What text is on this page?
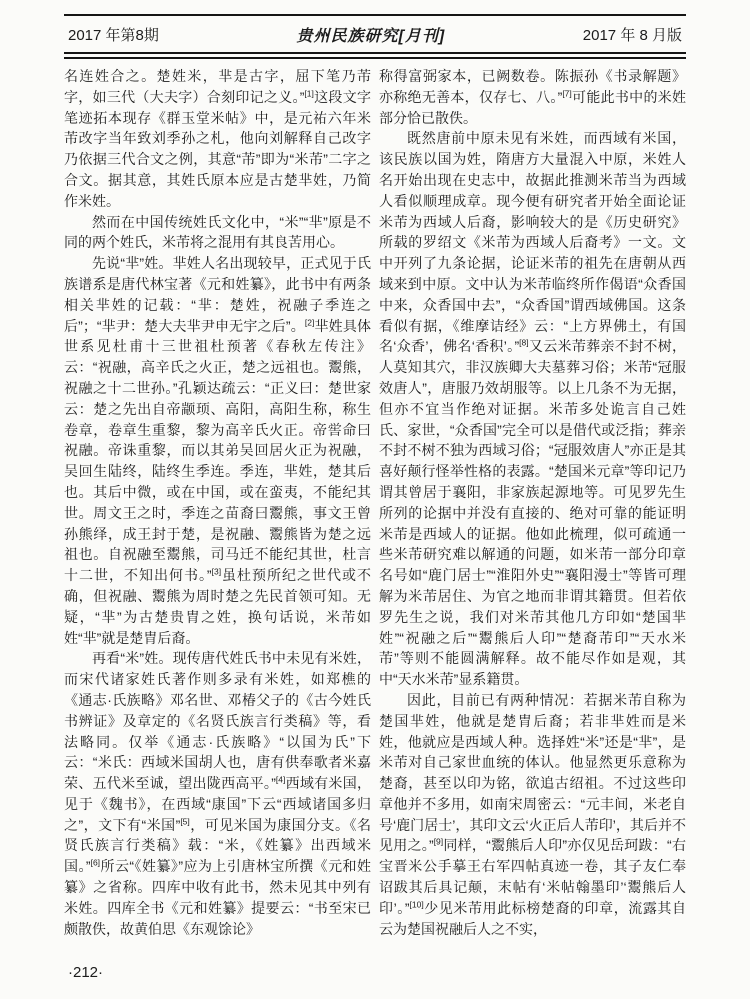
2017 年第8期	贵州民族研究[月刊]	2017 年 8 月版

名连姓合之。楚姓米，芈是古字，屈下笔乃芾字，如三代（大夫字）合刻印记之义。”[1]这段文字笔迹拓本现存《群玉堂米帖》中，是元祐六年米芾改字当年致刘季孙之札，他向刘解释自己改字乃依据三代合文之例，其意“芾”即为“米芾”二字之合文。据其意，其姓氏原本应是古楚芈姓，乃简作米姓。

然而在中国传统姓氏文化中，“米”“芈”原是不同的两个姓氏，米芾将之混用有其良苦用心。

先说“芈”姓。芈姓人名出现较早，正式见于氏族谱系是唐代林宝著《元和姓纂》，此书中有两条相关芈姓的记载：“芈：楚姓，祝融子季连之后”；“芈尹：楚大夫芈尹申无宇之后”。[2]芈姓具体世系见杜甫十三世祖杜预著《春秋左传注》云：“祝融，高辛氏之火正，楚之远祖也。鬻熊，祝融之十二世孙。”孔颖达疏云：“正义曰：楚世家云：楚之先出自帝颛顼、高阳，高阳生称，称生卷章，卷章生重黎，黎为高辛氏火正。帝喾命曰祝融。帝诛重黎，而以其弟吴回居火正为祝融，吴回生陆终，陆终生季连。季连，芈姓，楚其后也。其后中微，或在中国，或在蛮夷，不能纪其世。周文王之时，季连之苗裔曰鬻熊，事文王曾孙熊绎，成王封于楚，是祝融、鬻熊皆为楚之远祖也。自祝融至鬻熊，司马迁不能纪其世，杜言十二世，不知出何书。”[3]虽杜预所纪之世代或不确，但祝融、鬻熊为周时楚之先民首领可知。无疑，“芈”为古楚贵胄之姓，换句话说，米芾如姓“芈”就是楚胄后裔。

再看“米”姓。现传唐代姓氏书中未见有米姓，而宋代诸家姓氏著作则多录有米姓，如郑樵的《通志·氏族略》邓名世、邓椿父子的《古今姓氏书辨证》及章定的《名贤氏族言行类稿》等，看法略同。仅举《通志·氏族略》“以国为氏”下云：“米氏：西域米国胡人也，唐有供奉歌者米嘉荣、五代米至诚，望出陇西高平。”[4]西域有米国，见于《魏书》，在西域“康国”下云“西域诸国多归之”，文下有“米国”[5]，可见米国为康国分支。《名贤氏族言行类稿》载：“米，《姓纂》出西域米国。”[6]所云“《姓纂》”应为上引唐林宝所撰《元和姓纂》之省称。四库中收有此书，然未见其中列有米姓。四库全书《元和姓纂》提要云：“书至宋已颇散佚，故黄伯思《东观馀论》

称得富弼家本，已阙数卷。陈振孙《书录解题》亦称绝无善本，仅存七、八。”[7]可能此书中的米姓部分恰已散佚。

既然唐前中原未见有米姓，而西域有米国，该民族以国为姓，隋唐方大量混入中原，米姓人名开始出现在史志中，故据此推测米芾当为西域人看似顺理成章。现今便有研究者开始全面论证米芾为西域人后裔，影响较大的是《历史研究》所载的罗绍文《米芾为西域人后裔考》一文。文中开列了九条论据，论证米芾的祖先在唐朝从西域来到中原。文中认为米芾临终所作偈语“众香国中来，众香国中去”，“众香国”谓西域佛国。这条看似有据，《维摩诘经》云：“上方界佛土，有国名‘众香’，佛名‘香积’。”[8]又云米芾葬亲不封不树，人莫知其穴，非汉族卿大夫墓葬习俗；米芾“冠服效唐人”，唐服乃效胡服等。以上几条不为无据，但亦不宜当作绝对证据。米芾多处诡言自己姓氏、家世，“众香国”完全可以是借代或泛指；葬亲不封不树不独为西域习俗；“冠服效唐人”亦正是其喜好颠行怪举性格的表露。“楚国米元章”等印记乃谓其曾居于襄阳，非家族起源地等。可见罗先生所列的论据中并没有直接的、绝对可靠的能证明米芾是西域人的证据。他如此梳理，似可疏通一些米芾研究难以解通的问题，如米芾一部分印章名号如“鹿门居士”“淮阳外史”“襄阳漫士”等皆可理解为米芾居住、为官之地而非谓其籍贯。但若依罗先生之说，我们对米芾其他几方印如“楚国芈姓”“祝融之后”“鬻熊后人印”“楚裔芾印”“天水米芾”等则不能圆满解释。故不能尽作如是观，其中“天水米芾”显系籍贯。

因此，目前已有两种情况：若据米芾自称为楚国芈姓，他就是楚胄后裔；若非芈姓而是米姓，他就应是西域人种。选择姓“米”还是“芈”，是米芾对自己家世血统的体认。他显然更乐意称为楚裔，甚至以印为铭，欲追古绍祖。不过这些印章他并不多用，如南宋周密云：“元丰间，米老自号‘鹿门居士’，其印文云‘火正后人芾印’，其后并不见用之。”[9]同样，“鬻熊后人印”亦仅见岳珂跋：“右宝晋米公手摹王右军四帖真迹一卷，其子友仁奉诏跋其后具记颠，末帖有‘米帖翰墨印’‘鬻熊后人印’。”[10]少见米芾用此标榜楚裔的印章，流露其自云为楚国祝融后人之不实，

·212·
